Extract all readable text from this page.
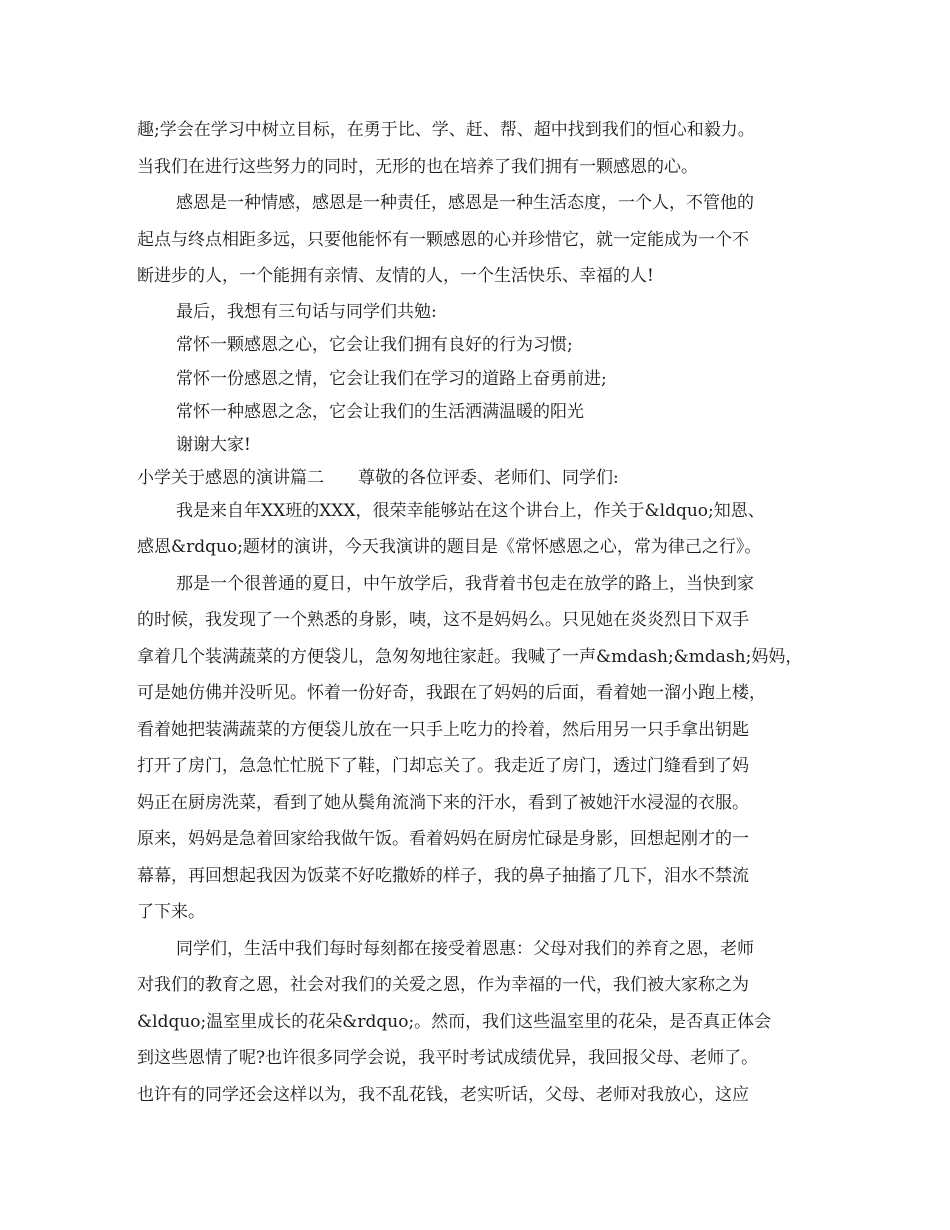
趣;学会在学习中树立目标，在勇于比、学、赶、帮、超中找到我们的恒心和毅力。
当我们在进行这些努力的同时，无形的也在培养了我们拥有一颗感恩的心。
感恩是一种情感，感恩是一种责任，感恩是一种生活态度，一个人，不管他的
起点与终点相距多远，只要他能怀有一颗感恩的心并珍惜它，就一定能成为一个不
断进步的人，一个能拥有亲情、友情的人，一个生活快乐、幸福的人!
最后，我想有三句话与同学们共勉:
常怀一颗感恩之心，它会让我们拥有良好的行为习惯;
常怀一份感恩之情，它会让我们在学习的道路上奋勇前进;
常怀一种感恩之念，它会让我们的生活洒满温暖的阳光
谢谢大家!
小学关于感恩的演讲篇二　　尊敬的各位评委、老师们、同学们:
我是来自年XX班的XXX，很荣幸能够站在这个讲台上，作关于&ldquo;知恩、
感恩&rdquo;题材的演讲，今天我演讲的题目是《常怀感恩之心，常为律己之行》。
那是一个很普通的夏日，中午放学后，我背着书包走在放学的路上，当快到家
的时候，我发现了一个熟悉的身影，咦，这不是妈妈么。只见她在炎炎烈日下双手
拿着几个装满蔬菜的方便袋儿，急匆匆地往家赶。我喊了一声&mdash;&mdash;妈妈，
可是她仿佛并没听见。怀着一份好奇，我跟在了妈妈的后面，看着她一溜小跑上楼，
看着她把装满蔬菜的方便袋儿放在一只手上吃力的拎着，然后用另一只手拿出钥匙
打开了房门，急急忙忙脱下了鞋，门却忘关了。我走近了房门，透过门缝看到了妈
妈正在厨房洗菜，看到了她从鬓角流淌下来的汗水，看到了被她汗水浸湿的衣服。
原来，妈妈是急着回家给我做午饭。看着妈妈在厨房忙碌是身影，回想起刚才的一
幕幕，再回想起我因为饭菜不好吃撒娇的样子，我的鼻子抽搐了几下，泪水不禁流
了下来。
同学们，生活中我们每时每刻都在接受着恩惠：父母对我们的养育之恩，老师
对我们的教育之恩，社会对我们的关爱之恩，作为幸福的一代，我们被大家称之为
&ldquo;温室里成长的花朵&rdquo;。然而，我们这些温室里的花朵，是否真正体会
到这些恩情了呢?也许很多同学会说，我平时考试成绩优异，我回报父母、老师了。
也许有的同学还会这样以为，我不乱花钱，老实听话，父母、老师对我放心，这应
